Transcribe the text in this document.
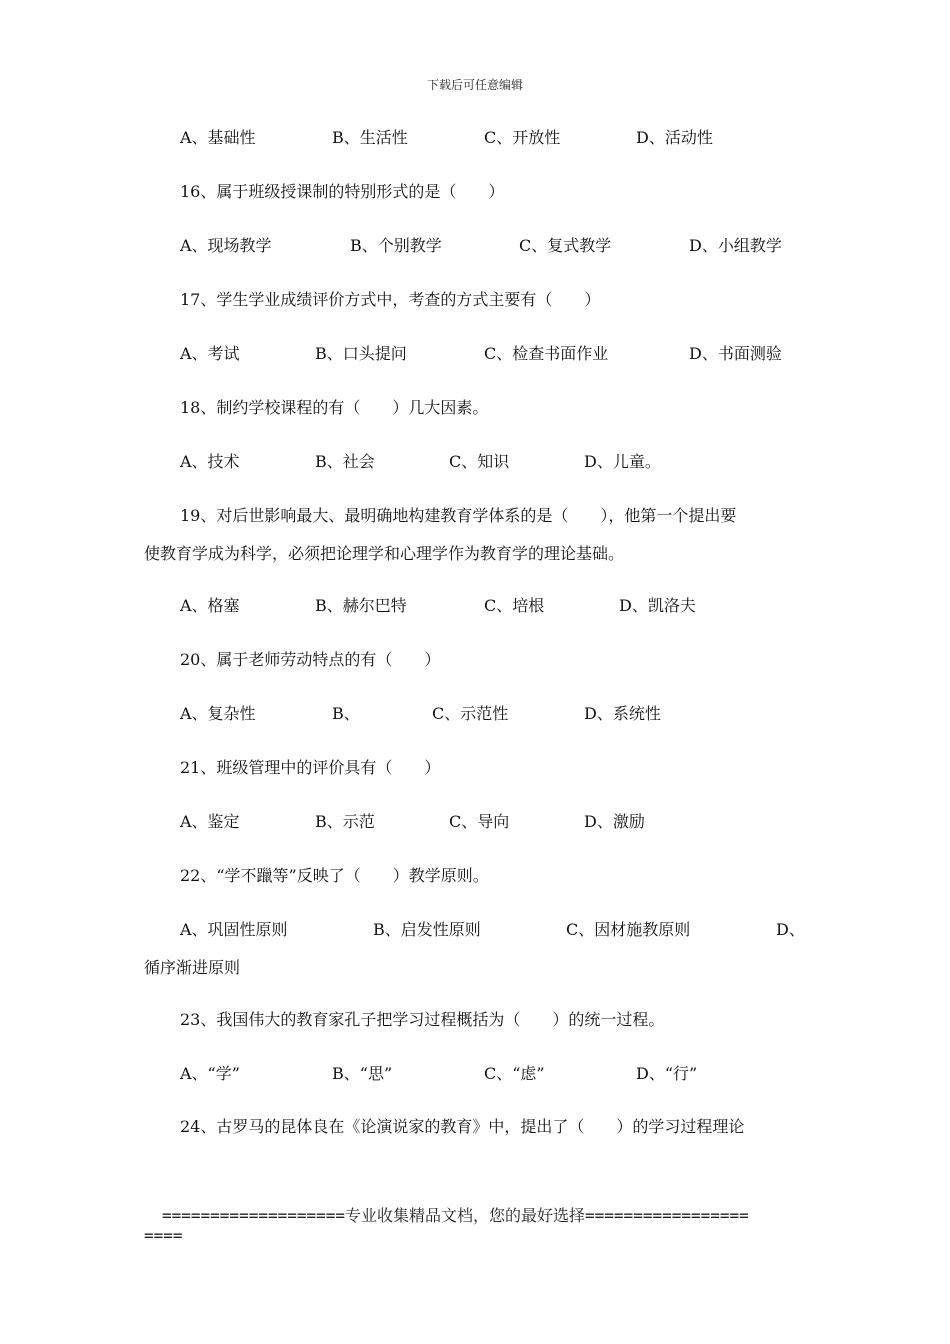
下载后可任意编辑
A、基础性	B、生活性	C、开放性	D、活动性
16、属于班级授课制的特别形式的是（　　）
A、现场教学	B、个别教学	C、复式教学	D、小组教学
17、学生学业成绩评价方式中，考查的方式主要有（　　）
A、考试	B、口头提问	C、检查书面作业	D、书面测验
18、制约学校课程的有（　　）几大因素。
A、技术	B、社会	C、知识	D、儿童。
19、对后世影响最大、最明确地构建教育学体系的是（　　），他第一个提出要
使教育学成为科学，必须把论理学和心理学作为教育学的理论基础。
A、格塞	B、赫尔巴特	C、培根	D、凯洛夫
20、属于老师劳动特点的有（　　）
A、复杂性	B、	C、示范性	D、系统性
21、班级管理中的评价具有（　　）
A、鉴定	B、示范	C、导向	D、激励
22、“学不躐等”反映了（　　）教学原则。
A、巩固性原则	B、启发性原则	C、因材施教原则	D、
循序渐进原则
23、我国伟大的教育家孔子把学习过程概括为（　　）的统一过程。
A、“学”	B、“思”	C、“虑”	D、“行”
24、古罗马的昆体良在《论演说家的教育》中，提出了（　　）的学习过程理论
===================专业收集精品文档，您的最好选择=================
====
